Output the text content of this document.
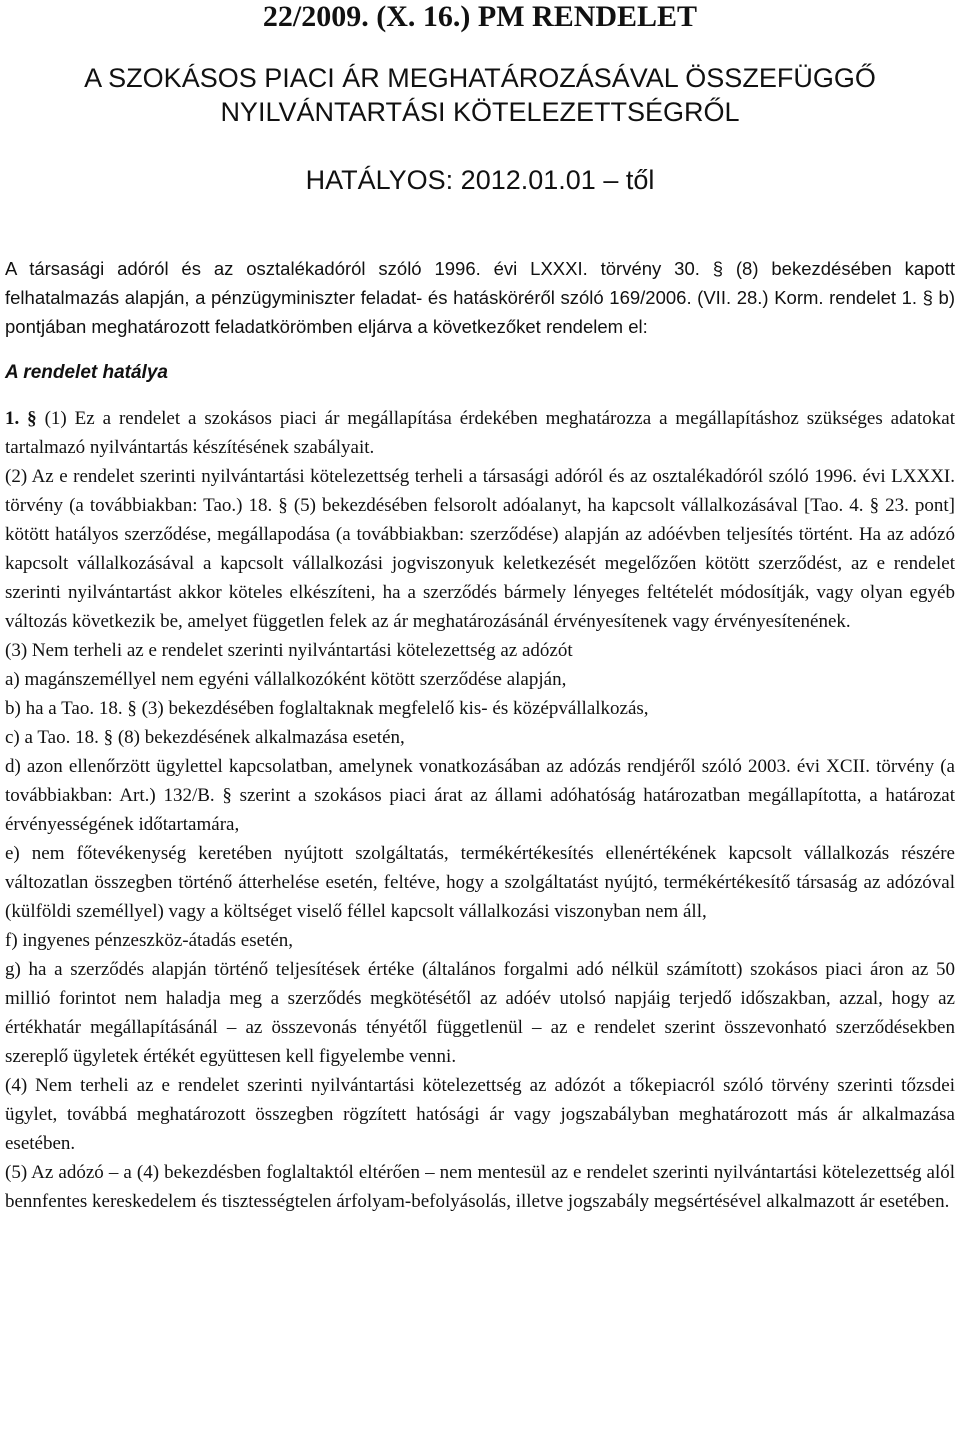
22/2009. (X. 16.) PM RENDELET
A SZOKÁSOS PIACI ÁR MEGHATÁROZÁSÁVAL ÖSSZEFÜGGŐ
NYILVÁNTARTÁSI KÖTELEZETTSÉGRŐL
HATÁLYOS: 2012.01.01 – től

A társasági adóról és az osztalékadóról szóló 1996. évi LXXXI. törvény 30. § (8) bekezdésében kapott felhatalmazás alapján, a pénzügyminiszter feladat- és hatásköréről szóló 169/2006. (VII. 28.) Korm. rendelet 1. § b) pontjában meghatározott feladatkörömben eljárva a következőket rendelem el:

A rendelet hatálya

1. § (1) Ez a rendelet a szokásos piaci ár megállapítása érdekében meghatározza a megállapításhoz szükséges adatokat tartalmazó nyilvántartás készítésének szabályait.

(2) Az e rendelet szerinti nyilvántartási kötelezettség terheli a társasági adóról és az osztalékadóról szóló 1996. évi LXXXI. törvény (a továbbiakban: Tao.) 18. § (5) bekezdésében felsorolt adóalanyt, ha kapcsolt vállalkozásával [Tao. 4. § 23. pont] kötött hatályos szerződése, megállapodása (a továbbiakban: szerződése) alapján az adóévben teljesítés történt. Ha az adózó kapcsolt vállalkozásával a kapcsolt vállalkozási jogviszonyuk keletkezését megelőzően kötött szerződést, az e rendelet szerinti nyilvántartást akkor köteles elkészíteni, ha a szerződés bármely lényeges feltételét módosítják, vagy olyan egyéb változás következik be, amelyet független felek az ár meghatározásánál érvényesítenek vagy érvényesítenének.

(3) Nem terheli az e rendelet szerinti nyilvántartási kötelezettség az adózót

a) magánszeméllyel nem egyéni vállalkozóként kötött szerződése alapján,

b) ha a Tao. 18. § (3) bekezdésében foglaltaknak megfelelő kis- és középvállalkozás,

c) a Tao. 18. § (8) bekezdésének alkalmazása esetén,

d) azon ellenőrzött ügylettel kapcsolatban, amelynek vonatkozásában az adózás rendjéről szóló 2003. évi XCII. törvény (a továbbiakban: Art.) 132/B. § szerint a szokásos piaci árat az állami adóhatóság határozatban megállapította, a határozat érvényességének időtartamára,

e) nem főtevékenység keretében nyújtott szolgáltatás, termékértékesítés ellenértékének kapcsolt vállalkozás részére változatlan összegben történő átterhelése esetén, feltéve, hogy a szolgáltatást nyújtó, termékértékesítő társaság az adózóval (külföldi személlyel) vagy a költséget viselő féllel kapcsolt vállalkozási viszonyban nem áll,

f) ingyenes pénzeszköz-átadás esetén,

g) ha a szerződés alapján történő teljesítések értéke (általános forgalmi adó nélkül számított) szokásos piaci áron az 50 millió forintot nem haladja meg a szerződés megkötésétől az adóév utolsó napjáig terjedő időszakban, azzal, hogy az értékhatár megállapításánál – az összevonás tényétől függetlenül – az e rendelet szerint összevonható szerződésekben szereplő ügyletek értékét együttesen kell figyelembe venni.

(4) Nem terheli az e rendelet szerinti nyilvántartási kötelezettség az adózót a tőkepiacról szóló törvény szerinti tőzsdei ügylet, továbbá meghatározott összegben rögzített hatósági ár vagy jogszabályban meghatározott más ár alkalmazása esetében.

(5) Az adózó – a (4) bekezdésben foglaltaktól eltérően – nem mentesül az e rendelet szerinti nyilvántartási kötelezettség alól bennfentes kereskedelem és tisztességtelen árfolyam-befolyásolás, illetve jogszabály megsértésével alkalmazott ár esetében.
